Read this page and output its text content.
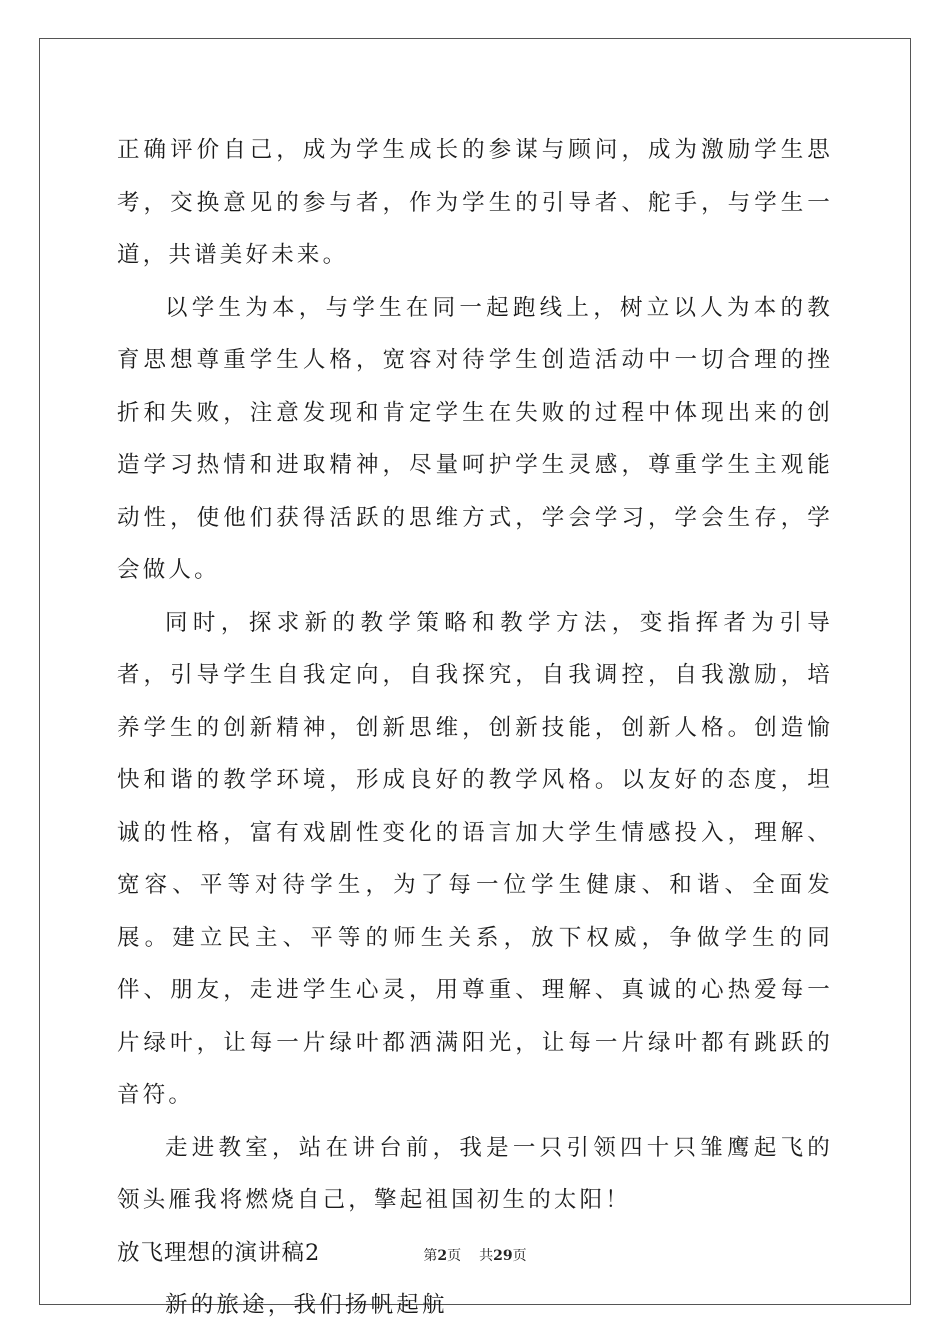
正确评价自己，成为学生成长的参谋与顾问，成为激励学生思考，交换意见的参与者，作为学生的引导者、舵手，与学生一道，共谱美好未来。

以学生为本，与学生在同一起跑线上，树立以人为本的教育思想尊重学生人格，宽容对待学生创造活动中一切合理的挫折和失败，注意发现和肯定学生在失败的过程中体现出来的创造学习热情和进取精神，尽量呵护学生灵感，尊重学生主观能动性，使他们获得活跃的思维方式，学会学习，学会生存，学会做人。

同时，探求新的教学策略和教学方法，变指挥者为引导者，引导学生自我定向，自我探究，自我调控，自我激励，培养学生的创新精神，创新思维，创新技能，创新人格。创造愉快和谐的教学环境，形成良好的教学风格。以友好的态度，坦诚的性格，富有戏剧性变化的语言加大学生情感投入，理解、宽容、平等对待学生，为了每一位学生健康、和谐、全面发展。建立民主、平等的师生关系，放下权威，争做学生的同伴、朋友，走进学生心灵，用尊重、理解、真诚的心热爱每一片绿叶，让每一片绿叶都洒满阳光，让每一片绿叶都有跳跃的音符。

走进教室，站在讲台前，我是一只引领四十只雏鹰起飞的领头雁我将燃烧自己，擎起祖国初生的太阳！

放飞理想的演讲稿2

新的旅途，我们扬帆起航

第2页 共29页
